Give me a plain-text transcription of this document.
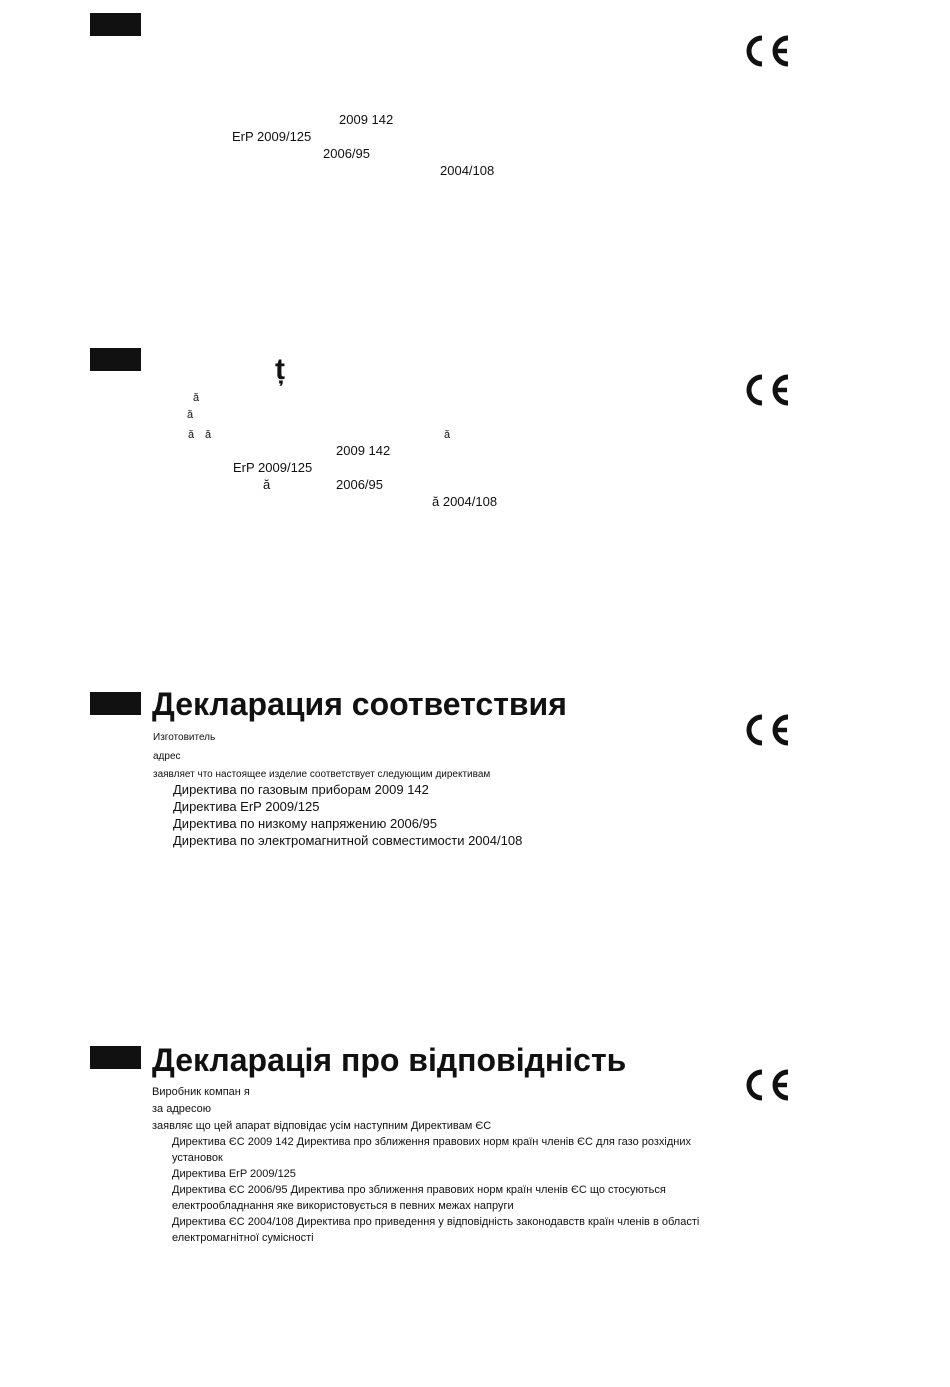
2009 142
ErP 2009/125
2006/95
2004/108
ț
ă
ă
ă ă	ă
2009 142
ErP 2009/125
ă	2006/95
ă 2004/108
Декларация соответствия
Изготовитель
адрес
заявляет что настоящее изделие соответствует следующим директивам
Директива по газовым приборам 2009 142
Директива ErP 2009/125
Директива по низкому напряжению 2006/95
Директива по электромагнитной совместимости 2004/108
Декларація про відповідність
Виробник компан я
за адресою
заявляє що цей апарат відповідає усім наступним Директивам ЄС
Директива ЄС 2009 142 Директива про зближення правових норм країн членів ЄС для газо розхідних
установок
Директива ErP 2009/125
Директива ЄС 2006/95 Директива про зближення правових норм країн членів ЄС що стосуються
електрообладнання яке використовується в певних межах напруги
Директива ЄС 2004/108 Директива про приведення у відповідність законодавств країн членів в області
електромагнітної сумісності
